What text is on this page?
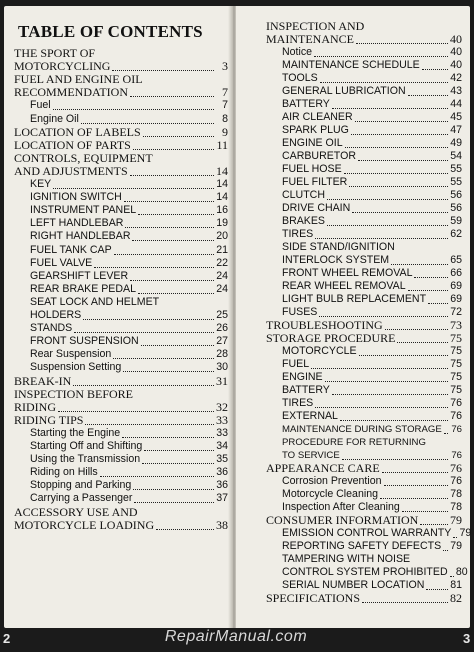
TABLE OF CONTENTS
THE SPORT OF
MOTORCYCLING	3
FUEL AND ENGINE OIL
RECOMMENDATION	7
Fuel	7
Engine Oil	8
LOCATION OF LABELS	9
LOCATION OF PARTS	11
CONTROLS, EQUIPMENT
AND ADJUSTMENTS	14
KEY	14
IGNITION SWITCH	14
INSTRUMENT PANEL	16
LEFT HANDLEBAR	19
RIGHT HANDLEBAR	20
FUEL TANK CAP	21
FUEL VALVE	22
GEARSHIFT LEVER	24
REAR BRAKE PEDAL	24
SEAT LOCK AND HELMET
HOLDERS	25
STANDS	26
FRONT SUSPENSION	27
Rear Suspension	28
Suspension Setting	30
BREAK-IN	31
INSPECTION BEFORE
RIDING	32
RIDING TIPS	33
Starting the Engine	33
Starting Off and Shifting	34
Using the Transmission	35
Riding on Hills	36
Stopping and Parking	36
Carrying a Passenger	37
ACCESSORY USE AND
MOTORCYCLE LOADING	38
INSPECTION AND
MAINTENANCE	40
Notice	40
MAINTENANCE SCHEDULE	40
TOOLS	42
GENERAL LUBRICATION	43
BATTERY	44
AIR CLEANER	45
SPARK PLUG	47
ENGINE OIL	49
CARBURETOR	54
FUEL HOSE	55
FUEL FILTER	55
CLUTCH	56
DRIVE CHAIN	56
BRAKES	59
TIRES	62
SIDE STAND/IGNITION
INTERLOCK SYSTEM	65
FRONT WHEEL REMOVAL	66
REAR WHEEL REMOVAL	69
LIGHT BULB REPLACEMENT 69
FUSES	72
TROUBLESHOOTING	73
STORAGE PROCEDURE	75
MOTORCYCLE	75
FUEL	75
ENGINE	75
BATTERY	75
TIRES	76
EXTERNAL	76
MAINTENANCE DURING STORAGE 76
PROCEDURE FOR RETURNING
TO SERVICE	76
APPEARANCE CARE	76
Corrosion Prevention	76
Motorcycle Cleaning	78
Inspection After Cleaning	78
CONSUMER INFORMATION	79
EMISSION CONTROL WARRANTY 79
REPORTING SAFETY DEFECTS 79
TAMPERING WITH NOISE
CONTROL SYSTEM PROHIBITED 80
SERIAL NUMBER LOCATION 81
SPECIFICATIONS	82
2	3
RepairManual.com
